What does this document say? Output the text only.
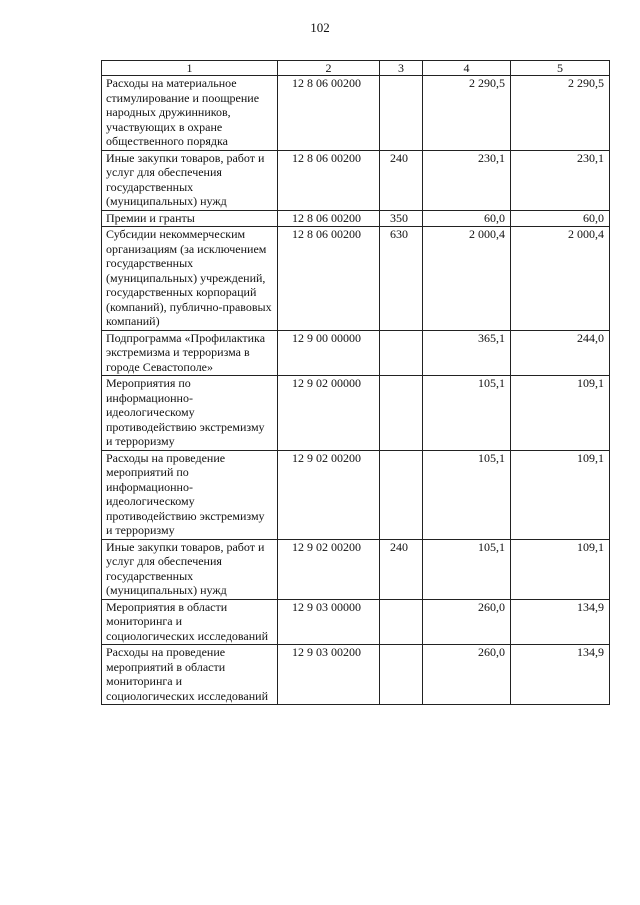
102
1	2	3	4	5
Расходы на материальное стимулирование и поощрение народных дружинников, участвующих в охране общественного порядка	12 8 06 00200		2 290,5	2 290,5
Иные закупки товаров, работ и услуг для обеспечения государственных (муниципальных) нужд	12 8 06 00200	240	230,1	230,1
Премии и гранты	12 8 06 00200	350	60,0	60,0
Субсидии некоммерческим организациям (за исключением государственных (муниципальных) учреждений, государственных корпораций (компаний), публично-правовых компаний)	12 8 06 00200	630	2 000,4	2 000,4
Подпрограмма «Профилактика экстремизма и терроризма в городе Севастополе»	12 9 00 00000		365,1	244,0
Мероприятия по информационно-идеологическому противодействию экстремизму и терроризму	12 9 02 00000		105,1	109,1
Расходы на проведение мероприятий по информационно-идеологическому противодействию экстремизму и терроризму	12 9 02 00200		105,1	109,1
Иные закупки товаров, работ и услуг для обеспечения государственных (муниципальных) нужд	12 9 02 00200	240	105,1	109,1
Мероприятия в области мониторинга и социологических исследований	12 9 03 00000		260,0	134,9
Расходы на проведение мероприятий в области мониторинга и социологических исследований	12 9 03 00200		260,0	134,9
